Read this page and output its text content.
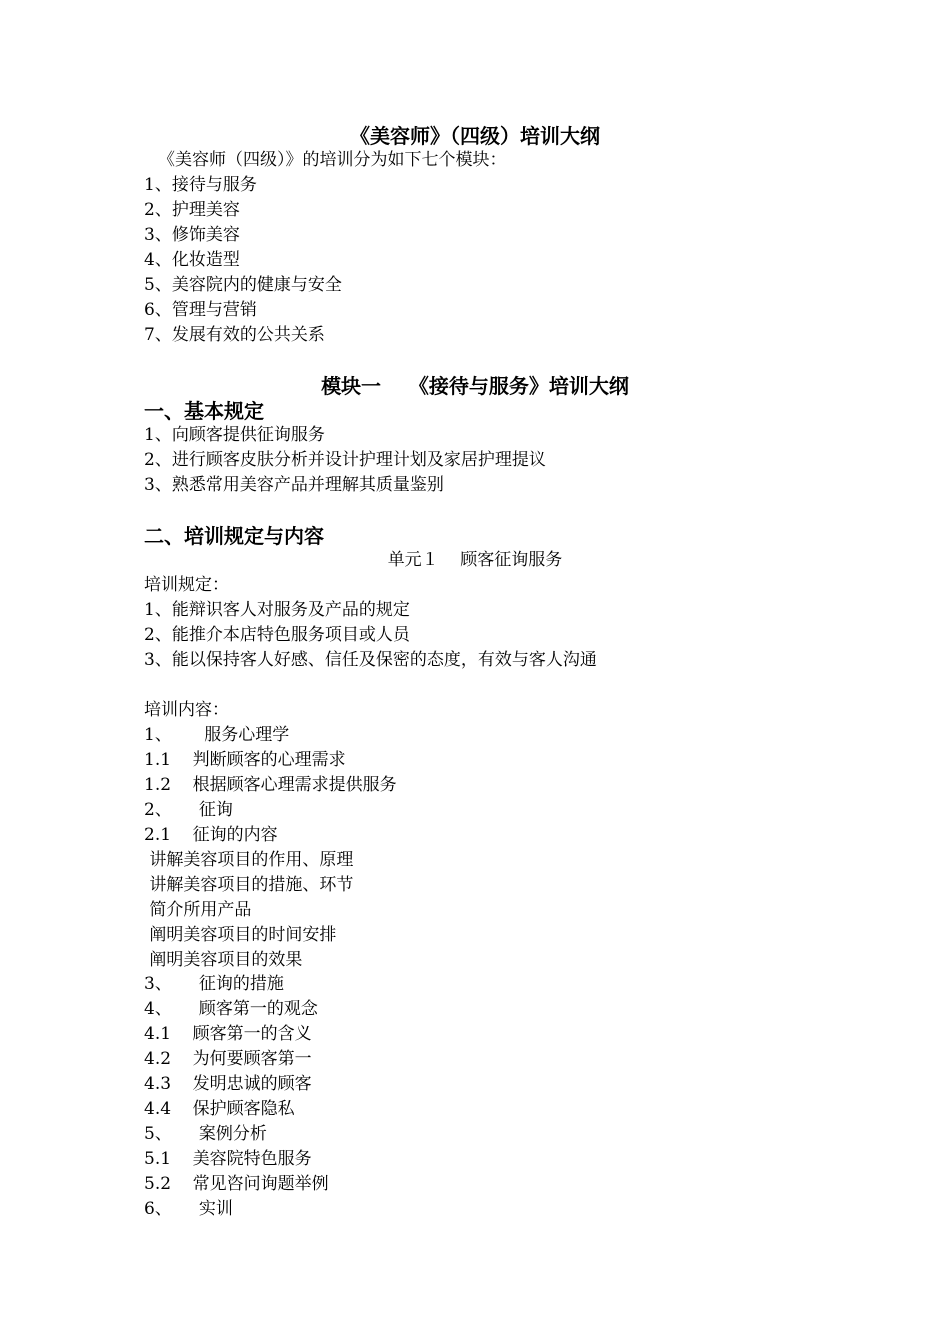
《美容师》（四级）培训大纲
《美容师（四级）》的培训分为如下七个模块：
1、接待与服务
2、护理美容
3、修饰美容
4、化妆造型
5、美容院内的健康与安全
6、管理与营销
7、发展有效的公共关系
模块一    《接待与服务》培训大纲
一、基本规定
1、向顾客提供征询服务
2、进行顾客皮肤分析并设计护理计划及家居护理提议
3、熟悉常用美容产品并理解其质量鉴别
二、培训规定与内容
单元１    顾客征询服务
培训规定：
1、能辩识客人对服务及产品的规定
2、能推介本店特色服务项目或人员
3、能以保持客人好感、信任及保密的态度，有效与客人沟通
培训内容：
1、      服务心理学
1.1    判断顾客的心理需求
1.2    根据顾客心理需求提供服务
2、     征询
2.1    征询的内容
讲解美容项目的作用、原理
讲解美容项目的措施、环节
简介所用产品
阐明美容项目的时间安排
阐明美容项目的效果
3、     征询的措施
4、     顾客第一的观念
4.1    顾客第一的含义
4.2    为何要顾客第一
4.3    发明忠诚的顾客
4.4    保护顾客隐私
5、     案例分析
5.1    美容院特色服务
5.2    常见咨问询题举例
6、     实训
